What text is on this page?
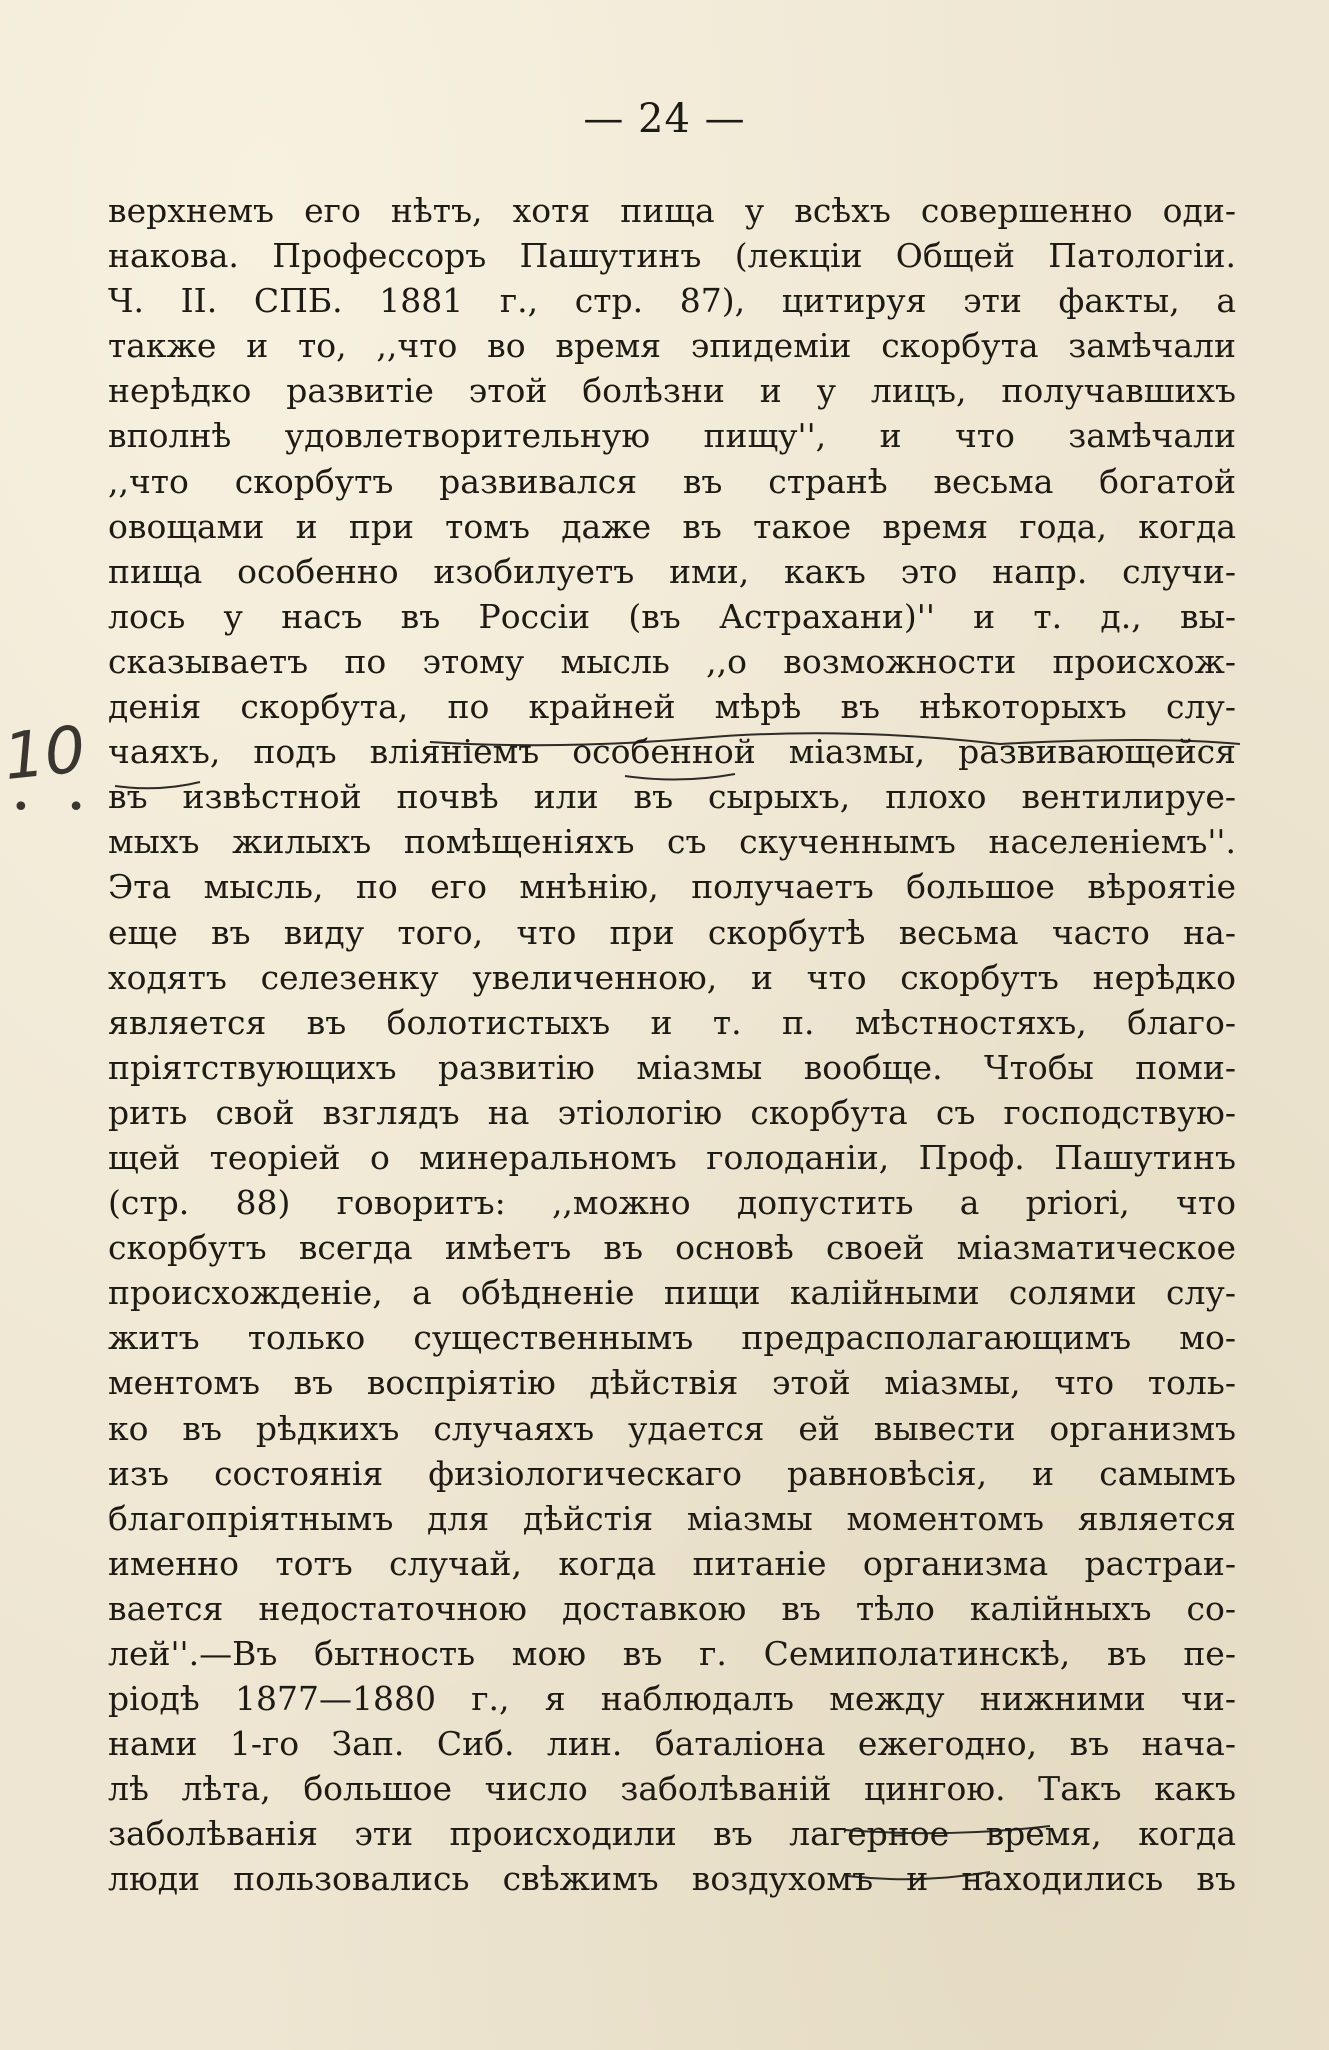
— 24 —
10
• •
верхнемъ его нѣтъ, хотя пища у всѣхъ совершенно оди-
накова. Профессоръ Пашутинъ (лекціи Общей Патологіи.
Ч. II. СПБ. 1881 г., стр. 87), цитируя эти факты, а
также и то, ,,что во время эпидеміи скорбута замѣчали
нерѣдко развитіе этой болѣзни и у лицъ, получавшихъ
вполнѣ удовлетворительную пищу'', и что замѣчали
,,что скорбутъ развивался въ странѣ весьма богатой
овощами и при томъ даже въ такое время года, когда
пища особенно изобилуетъ ими, какъ это напр. случи-
лось у насъ въ Россіи (въ Астрахани)'' и т. д., вы-
сказываетъ по этому мысль ,,о возможности происхож-
денія скорбута, по крайней мѣрѣ въ нѣкоторыхъ слу-
чаяхъ, подъ вліяніемъ особенной міазмы, развивающейся
въ извѣстной почвѣ или въ сырыхъ, плохо вентилируе-
мыхъ жилыхъ помѣщеніяхъ съ скученнымъ населеніемъ''.
Эта мысль, по его мнѣнію, получаетъ большое вѣроятіе
еще въ виду того, что при скорбутѣ весьма часто на-
ходятъ селезенку увеличенною, и что скорбутъ нерѣдко
является въ болотистыхъ и т. п. мѣстностяхъ, благо-
пріятствующихъ развитію міазмы вообще. Чтобы поми-
рить свой взглядъ на этіологію скорбута съ господствую-
щей теоріей о минеральномъ голоданіи, Проф. Пашутинъ
(стр. 88) говоритъ: ,,можно допустить a priori, что
скорбутъ всегда имѣетъ въ основѣ своей міазматическое
происхожденіе, а обѣдненіе пищи калійными солями слу-
житъ только существеннымъ предрасполагающимъ мо-
ментомъ въ воспріятію дѣйствія этой міазмы, что толь-
ко въ рѣдкихъ случаяхъ удается ей вывести организмъ
изъ состоянія физіологическаго равновѣсія, и самымъ
благопріятнымъ для дѣйстія міазмы моментомъ является
именно тотъ случай, когда питаніе организма растраи-
вается недостаточною доставкою въ тѣло калійныхъ со-
лей''.—Въ бытность мою въ г. Семиполатинскѣ, въ пе-
ріодѣ 1877—1880 г., я наблюдалъ между нижними чи-
нами 1-го Зап. Сиб. лин. баталіона ежегодно, въ нача-
лѣ лѣта, большое число заболѣваній цингою. Такъ какъ
заболѣванія эти происходили въ лагерное время, когда
люди пользовались свѣжимъ воздухомъ и находились въ
